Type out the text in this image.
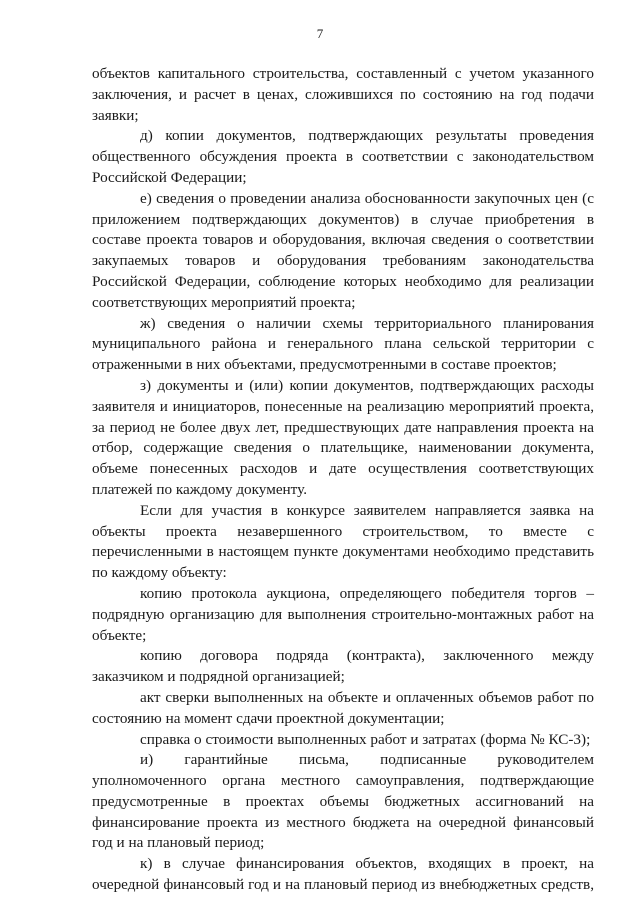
7

объектов капитального строительства, составленный с учетом указанного заключения, и расчет в ценах, сложившихся по состоянию на год подачи заявки;

д) копии документов, подтверждающих результаты проведения общественного обсуждения проекта в соответствии с законодательством Российской Федерации;

е) сведения о проведении анализа обоснованности закупочных цен (с приложением подтверждающих документов) в случае приобретения в составе проекта товаров и оборудования, включая сведения о соответствии закупаемых товаров и оборудования требованиям законодательства Российской Федерации, соблюдение которых необходимо для реализации соответствующих мероприятий проекта;

ж) сведения о наличии схемы территориального планирования муниципального района и генерального плана сельской территории с отраженными в них объектами, предусмотренными в составе проектов;

з) документы и (или) копии документов, подтверждающих расходы заявителя и инициаторов, понесенные на реализацию мероприятий проекта, за период не более двух лет, предшествующих дате направления проекта на отбор, содержащие сведения о плательщике, наименовании документа, объеме понесенных расходов и дате осуществления соответствующих платежей по каждому документу.

Если для участия в конкурсе заявителем направляется заявка на объекты проекта незавершенного строительством, то вместе с перечисленными в настоящем пункте документами необходимо представить по каждому объекту:

копию протокола аукциона, определяющего победителя торгов – подрядную организацию для выполнения строительно-монтажных работ на объекте;

копию договора подряда (контракта), заключенного между заказчиком и подрядной организацией;

акт сверки выполненных на объекте и оплаченных объемов работ по состоянию на момент сдачи проектной документации;

справка о стоимости выполненных работ и затратах (форма № КС-3);

и) гарантийные письма, подписанные руководителем уполномоченного органа местного самоуправления, подтверждающие предусмотренные в проектах объемы бюджетных ассигнований на финансирование проекта из местного бюджета на очередной финансовый год и на плановый период;

к) в случае финансирования объектов, входящих в проект, на очередной финансовый год и на плановый период из внебюджетных средств,
